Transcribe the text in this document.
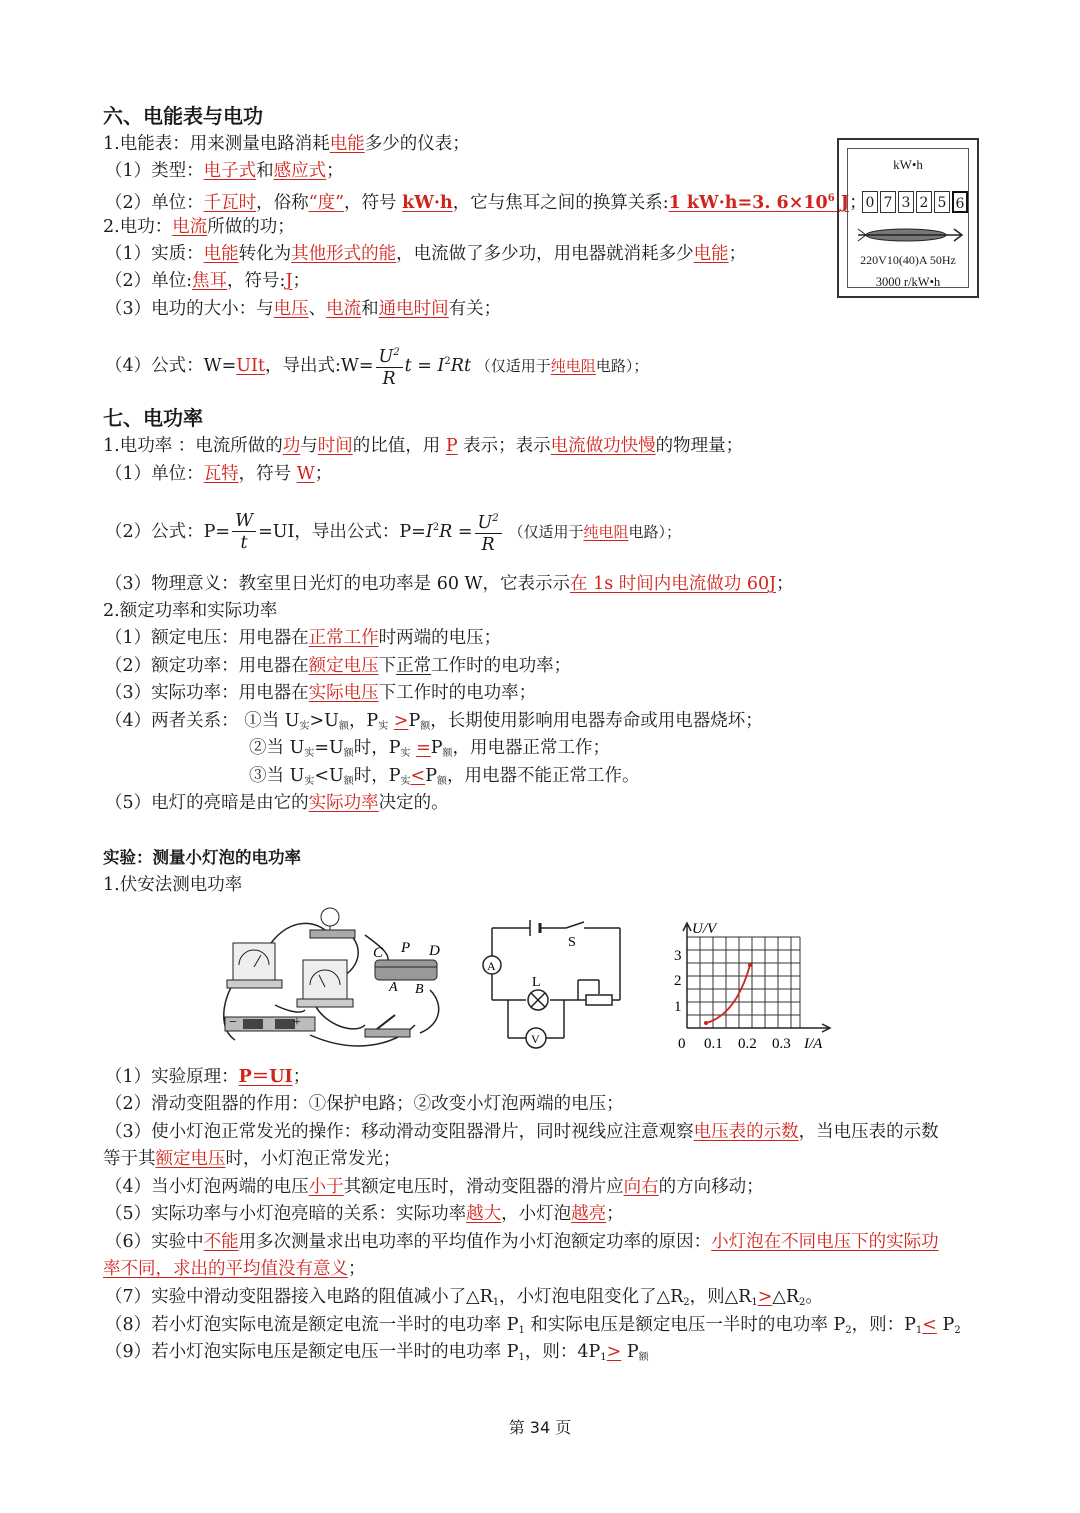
六、电能表与电功
1.电能表：用来测量电路消耗电能多少的仪表；
（1）类型：电子式和感应式；
（2）单位：千瓦时，俗称“度”，符号 kW·h，它与焦耳之间的换算关系:1 kW·h=3. $6\times 10^6$ J；
2.电功：电流所做的功；
（1）实质：电能转化为其他形式的能，电流做了多少功，用电器就消耗多少电能；
（2）单位:焦耳，符号:J；
（3）电功的大小：与电压、电流和通电时间有关；
（4）公式：W=UIt，导出式:W= $\frac{U^2}{R}$ $t = I^2Rt$ （仅适用于纯电阻电路）；
kW•h
0 7 3 2 5 6
220V10(40)A 50Hz
3000 r/kW•h
七、电功率
1.电功率 ：电流所做的功与时间的比值，用 P 表示；表示电流做功快慢的物理量；
（1）单位：瓦特，符号 W；
（2）公式：$P= \frac{W}{t} =UI$，导出公式：$P=I^2R = \frac{U^2}{R}$ （仅适用于纯电阻电路）；
（3）物理意义：教室里日光灯的电功率是 60 W，它表示示在 1s 时间内电流做功 60J；
2.额定功率和实际功率
（1）额定电压：用电器在正常工作时两端的电压；
（2）额定功率：用电器在额定电压下正常工作时的电功率；
（3）实际功率：用电器在实际电压下工作时的电功率；
（4）两者关系： ①当 $U_实>U_额$，$P_实 >P_额$，长期使用影响用电器寿命或用电器烧坏；
②当 $U_实=U_额$时，$P_实 =P_额$，用电器正常工作；
③当 $U_实<U_额$时，$P_实<P_额$，用电器不能正常工作。
（5）电灯的亮暗是由它的实际功率决定的。
实验：测量小灯泡的电功率
1.伏安法测电功率
C P D
A B
−	+
S
L
A
V
U/V
1
2
3
0 0.1 0.2 0.3 I/A
（1）实验原理：P＝UI；
（2）滑动变阻器的作用：①保护电路；②改变小灯泡两端的电压；
（3）使小灯泡正常发光的操作：移动滑动变阻器滑片，同时视线应注意观察电压表的示数，当电压表的示数
等于其额定电压时，小灯泡正常发光；
（4）当小灯泡两端的电压小于其额定电压时，滑动变阻器的滑片应向右的方向移动；
（5）实际功率与小灯泡亮暗的关系：实际功率越大，小灯泡越亮；
（6）实验中不能用多次测量求出电功率的平均值作为小灯泡额定功率的原因：小灯泡在不同电压下的实际功
率不同，求出的平均值没有意义；
（7）实验中滑动变阻器接入电路的阻值减小了$\triangle R_1$，小灯泡电阻变化了$\triangle R_2$，则$\triangle R_1>\triangle R_2$。
（8）若小灯泡实际电流是额定电流一半时的电功率 $P_1$ 和实际电压是额定电压一半时的电功率 $P_2$，则：$P_1< P_2$
（9）若小灯泡实际电压是额定电压一半时的电功率 $P_1$，则：$4P_1> P_额$
第 34 页
